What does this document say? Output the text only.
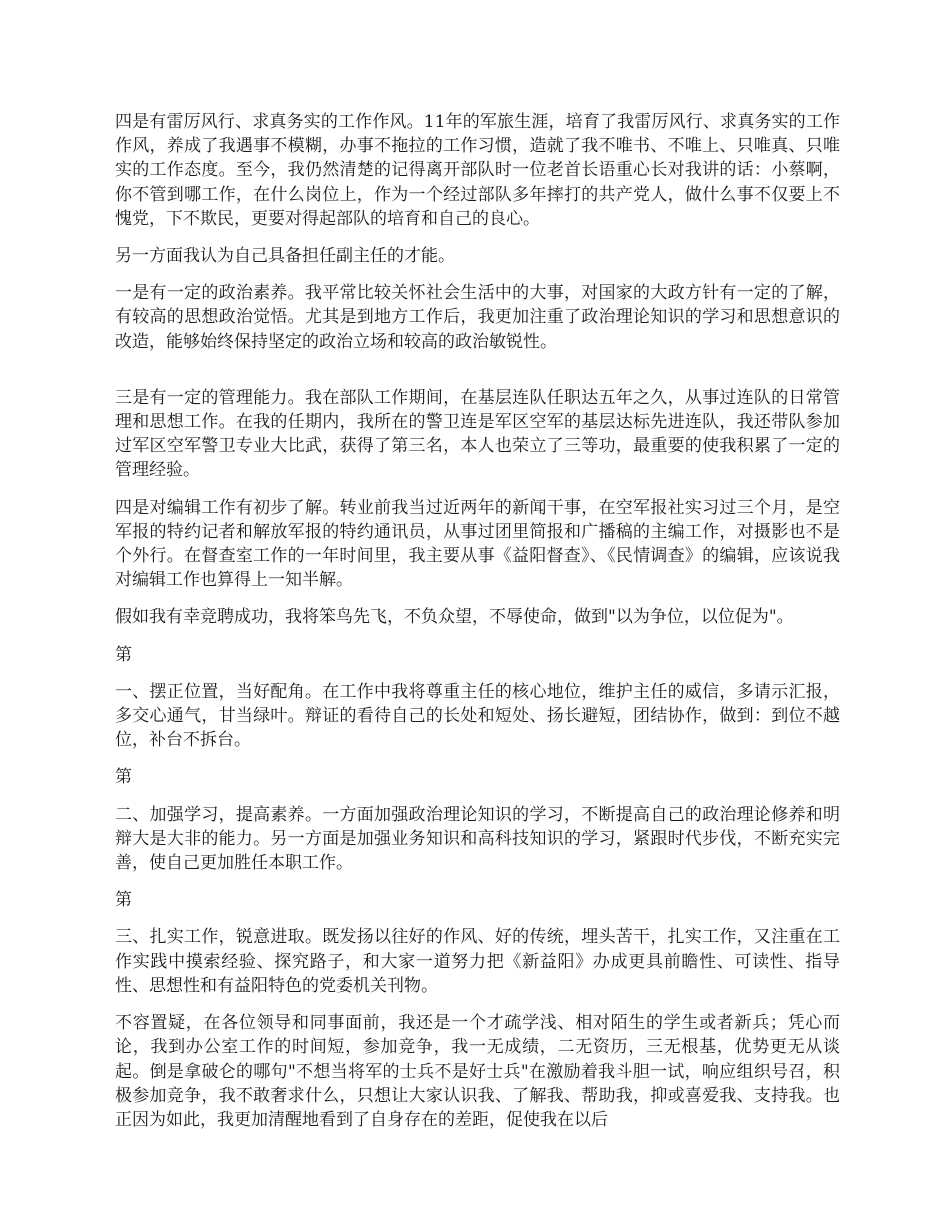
四是有雷厉风行、求真务实的工作作风。11年的军旅生涯，培育了我雷厉风行、求真务实的工作作风，养成了我遇事不模糊，办事不拖拉的工作习惯，造就了我不唯书、不唯上、只唯真、只唯实的工作态度。至今，我仍然清楚的记得离开部队时一位老首长语重心长对我讲的话：小蔡啊，你不管到哪工作，在什么岗位上，作为一个经过部队多年摔打的共产党人，做什么事不仅要上不愧党，下不欺民，更要对得起部队的培育和自己的良心。

另一方面我认为自己具备担任副主任的才能。

一是有一定的政治素养。我平常比较关怀社会生活中的大事，对国家的大政方针有一定的了解，有较高的思想政治觉悟。尤其是到地方工作后，我更加注重了政治理论知识的学习和思想意识的改造，能够始终保持坚定的政治立场和较高的政治敏锐性。

三是有一定的管理能力。我在部队工作期间，在基层连队任职达五年之久，从事过连队的日常管理和思想工作。在我的任期内，我所在的警卫连是军区空军的基层达标先进连队，我还带队参加过军区空军警卫专业大比武，获得了第三名，本人也荣立了三等功，最重要的使我积累了一定的管理经验。

四是对编辑工作有初步了解。转业前我当过近两年的新闻干事，在空军报社实习过三个月，是空军报的特约记者和解放军报的特约通讯员，从事过团里简报和广播稿的主编工作，对摄影也不是个外行。在督查室工作的一年时间里，我主要从事《益阳督查》、《民情调查》的编辑，应该说我对编辑工作也算得上一知半解。

假如我有幸竞聘成功，我将笨鸟先飞，不负众望，不辱使命，做到"以为争位，以位促为"。

第

一、摆正位置，当好配角。在工作中我将尊重主任的核心地位，维护主任的威信，多请示汇报，多交心通气，甘当绿叶。辩证的看待自己的长处和短处、扬长避短，团结协作，做到：到位不越位，补台不拆台。

第

二、加强学习，提高素养。一方面加强政治理论知识的学习，不断提高自己的政治理论修养和明辩大是大非的能力。另一方面是加强业务知识和高科技知识的学习，紧跟时代步伐，不断充实完善，使自己更加胜任本职工作。

第

三、扎实工作，锐意进取。既发扬以往好的作风、好的传统，埋头苦干，扎实工作，又注重在工作实践中摸索经验、探究路子，和大家一道努力把《新益阳》办成更具前瞻性、可读性、指导性、思想性和有益阳特色的党委机关刊物。

不容置疑，在各位领导和同事面前，我还是一个才疏学浅、相对陌生的学生或者新兵；凭心而论，我到办公室工作的时间短，参加竞争，我一无成绩，二无资历，三无根基，优势更无从谈起。倒是拿破仑的哪句"不想当将军的士兵不是好士兵"在激励着我斗胆一试，响应组织号召，积极参加竞争，我不敢奢求什么，只想让大家认识我、了解我、帮助我，抑或喜爱我、支持我。也正因为如此，我更加清醒地看到了自身存在的差距，促使我在以后
